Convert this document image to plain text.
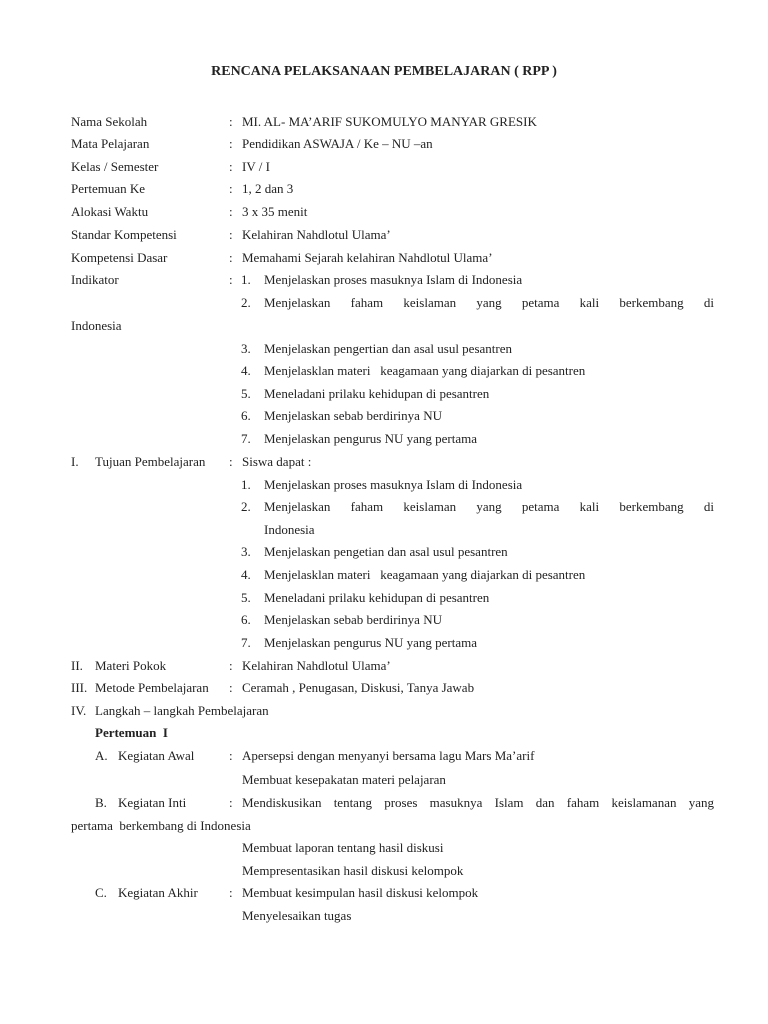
RENCANA PELAKSANAAN PEMBELAJARAN ( RPP )
Nama Sekolah	: MI. AL- MA’ARIF SUKOMULYO MANYAR GRESIK
Mata Pelajaran	: Pendidikan ASWAJA / Ke – NU –an
Kelas / Semester	: IV / I
Pertemuan Ke	: 1, 2 dan 3
Alokasi Waktu	: 3 x 35 menit
Standar Kompetensi	: Kelahiran Nahdlotul Ulama’
Kompetensi Dasar	: Memahami Sejarah kelahiran Nahdlotul Ulama’
Indikator	: 1. Menjelaskan proses masuknya Islam di Indonesia
2. Menjelaskan faham keislaman yang petama kali berkembang di
Indonesia
3. Menjelaskan pengertian dan asal usul pesantren
4. Menjelasklan materi   keagamaan yang diajarkan di pesantren
5. Meneladani prilaku kehidupan di pesantren
6. Menjelaskan sebab berdirinya NU
7. Menjelaskan pengurus NU yang pertama
I. Tujuan Pembelajaran : Siswa dapat :
1. Menjelaskan proses masuknya Islam di Indonesia
2. Menjelaskan faham keislaman yang petama kali berkembang di
Indonesia
3. Menjelaskan pengetian dan asal usul pesantren
4. Menjelasklan materi   keagamaan yang diajarkan di pesantren
5. Meneladani prilaku kehidupan di pesantren
6. Menjelaskan sebab berdirinya NU
7. Menjelaskan pengurus NU yang pertama
II. Materi Pokok	: Kelahiran Nahdlotul Ulama’
III. Metode Pembelajaran : Ceramah , Penugasan, Diskusi, Tanya Jawab
IV. Langkah – langkah Pembelajaran
Pertemuan  I
A. Kegiatan Awal	: Apersepsi dengan menyanyi bersama lagu Mars Ma’arif
Membuat kesepakatan materi pelajaran
B. Kegiatan Inti	: Mendiskusikan tentang proses masuknya Islam dan faham keislamanan yang
pertama  berkembang di Indonesia
Membuat laporan tentang hasil diskusi
Mempresentasikan hasil diskusi kelompok
C. Kegiatan Akhir : Membuat kesimpulan hasil diskusi kelompok
Menyelesaikan tugas
